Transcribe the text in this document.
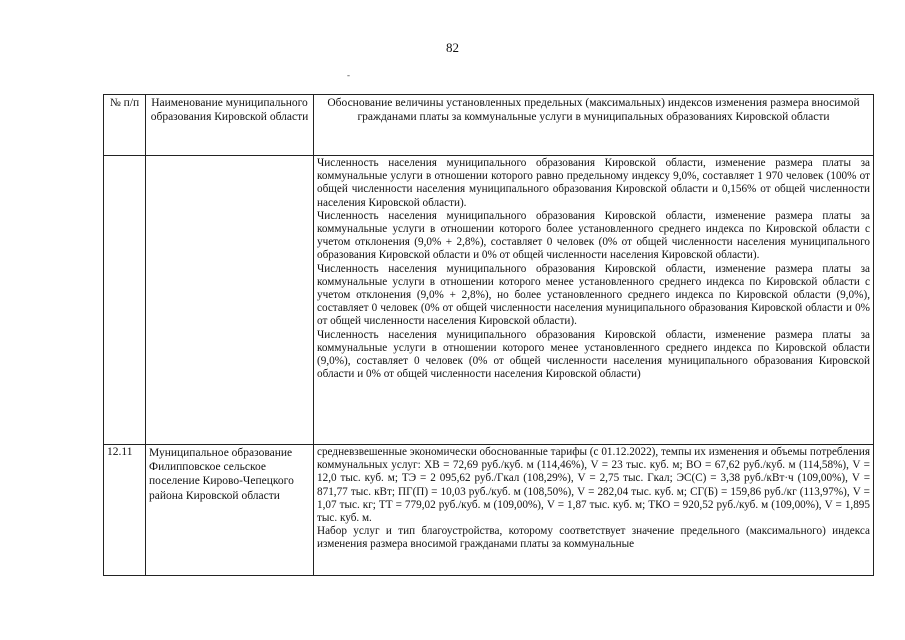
82
-
№ п/п	Наименование муниципального образования Кировской области	Обоснование величины установленных предельных (максимальных) индексов изменения размера вносимой гражданами платы за коммунальные услуги в муниципальных образованиях Кировской области

		Численность населения муниципального образования Кировской области, изменение размера платы за коммунальные услуги в отношении которого равно предельному индексу 9,0%, составляет 1 970 человек (100% от общей численности населения муниципального образования Кировской области и 0,156% от общей численности населения Кировской области).

Численность населения муниципального образования Кировской области, изменение размера платы за коммунальные услуги в отношении которого более установленного среднего индекса по Кировской области с учетом отклонения (9,0% + 2,8%), составляет 0 человек (0% от общей численности населения муниципального образования Кировской области и 0% от общей численности населения Кировской области).

Численность населения муниципального образования Кировской области, изменение размера платы за коммунальные услуги в отношении которого менее установленного среднего индекса по Кировской области с учетом отклонения (9,0% + 2,8%), но более установленного среднего индекса по Кировской области (9,0%), составляет 0 человек (0% от общей численности населения муниципального образования Кировской области и 0% от общей численности населения Кировской области).

Численность населения муниципального образования Кировской области, изменение размера платы за коммунальные услуги в отношении которого менее установленного среднего индекса по Кировской области (9,0%), составляет 0 человек (0% от общей численности населения муниципального образования Кировской области и 0% от общей численности населения Кировской области)

12.11	Муниципальное образование Филипповское сельское поселение Кирово-Чепецкого района Кировской области	средневзвешенные экономически обоснованные тарифы (с 01.12.2022), темпы их изменения и объемы потребления коммунальных услуг: ХВ = 72,69 руб./куб. м (114,46%), V = 23 тыс. куб. м; ВО = 67,62 руб./куб. м (114,58%), V = 12,0 тыс. куб. м; ТЭ = 2 095,62 руб./Гкал (108,29%), V = 2,75 тыс. Гкал; ЭС(С) = 3,38 руб./кВт·ч (109,00%), V = 871,77 тыс. кВт; ПГ(П) = 10,03 руб./куб. м (108,50%), V = 282,04 тыс. куб. м; СГ(Б) = 159,86 руб./кг (113,97%), V = 1,07 тыс. кг; ТТ = 779,02 руб./куб. м (109,00%), V = 1,87 тыс. куб. м; ТКО = 920,52 руб./куб. м (109,00%), V = 1,895 тыс. куб. м.

Набор услуг и тип благоустройства, которому соответствует значение предельного (максимального) индекса изменения размера вносимой гражданами платы за коммунальные
